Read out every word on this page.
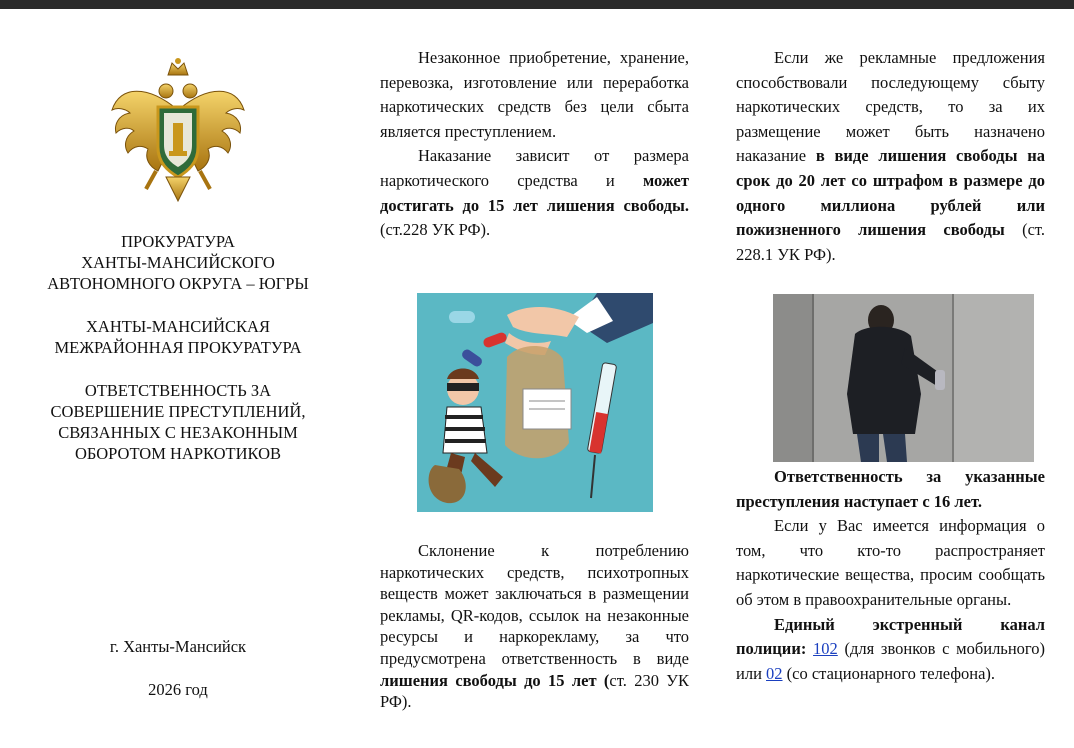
ПРОКУРАТУРА
ХАНТЫ-МАНСИЙСКОГО
АВТОНОМНОГО ОКРУГА – ЮГРЫ
ХАНТЫ-МАНСИЙСКАЯ
МЕЖРАЙОННАЯ ПРОКУРАТУРА
ОТВЕТСТВЕННОСТЬ ЗА
СОВЕРШЕНИЕ ПРЕСТУПЛЕНИЙ,
СВЯЗАННЫХ С НЕЗАКОННЫМ
ОБОРОТОМ НАРКОТИКОВ
г. Ханты-Мансийск
2026 год

Незаконное приобретение, хранение, перевозка, изготовление или переработка наркотических средств без цели сбыта является преступлением.

Наказание зависит от размера наркотического средства и может достигать до 15 лет лишения свободы. (ст.228 УК РФ).

Склонение к потреблению наркотических средств, психотропных веществ может заключаться в размещении рекламы, QR-кодов, ссылок на незаконные ресурсы и наркорекламу, за что предусмотрена ответственность в виде лишения свободы до 15 лет (ст. 230 УК РФ).

Если же рекламные предложения способствовали последующему сбыту наркотических средств, то за их размещение может быть назначено наказание в виде лишения свободы на срок до 20 лет со штрафом в размере до одного миллиона рублей или пожизненного лишения свободы (ст. 228.1 УК РФ).

Ответственность за указанные преступления наступает с 16 лет.

Если у Вас имеется информация о том, что кто-то распространяет наркотические вещества, просим сообщать об этом в правоохранительные органы.

Единый экстренный канал полиции: 102 (для звонков с мобильного) или 02 (со стационарного телефона).
